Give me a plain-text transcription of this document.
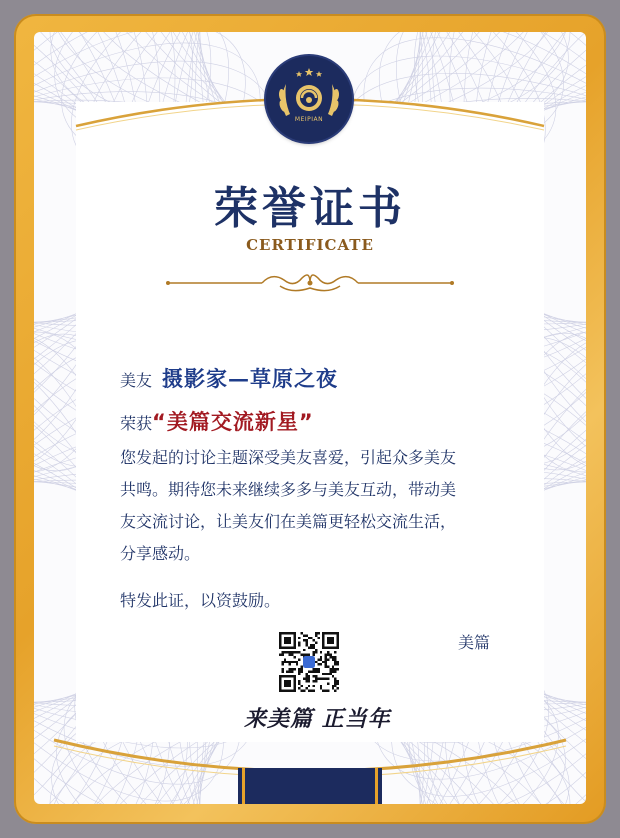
MEIPIAN
荣誉证书
CERTIFICATE
美友 摄影家—草原之夜
荣获“美篇交流新星”
您发起的讨论主题深受美友喜爱，引起众多美友
共鸣。期待您未来继续多多与美友互动，带动美
友交流讨论，让美友们在美篇更轻松交流生活，
分享感动。
特发此证，以资鼓励。
美篇
来美篇 正当年
